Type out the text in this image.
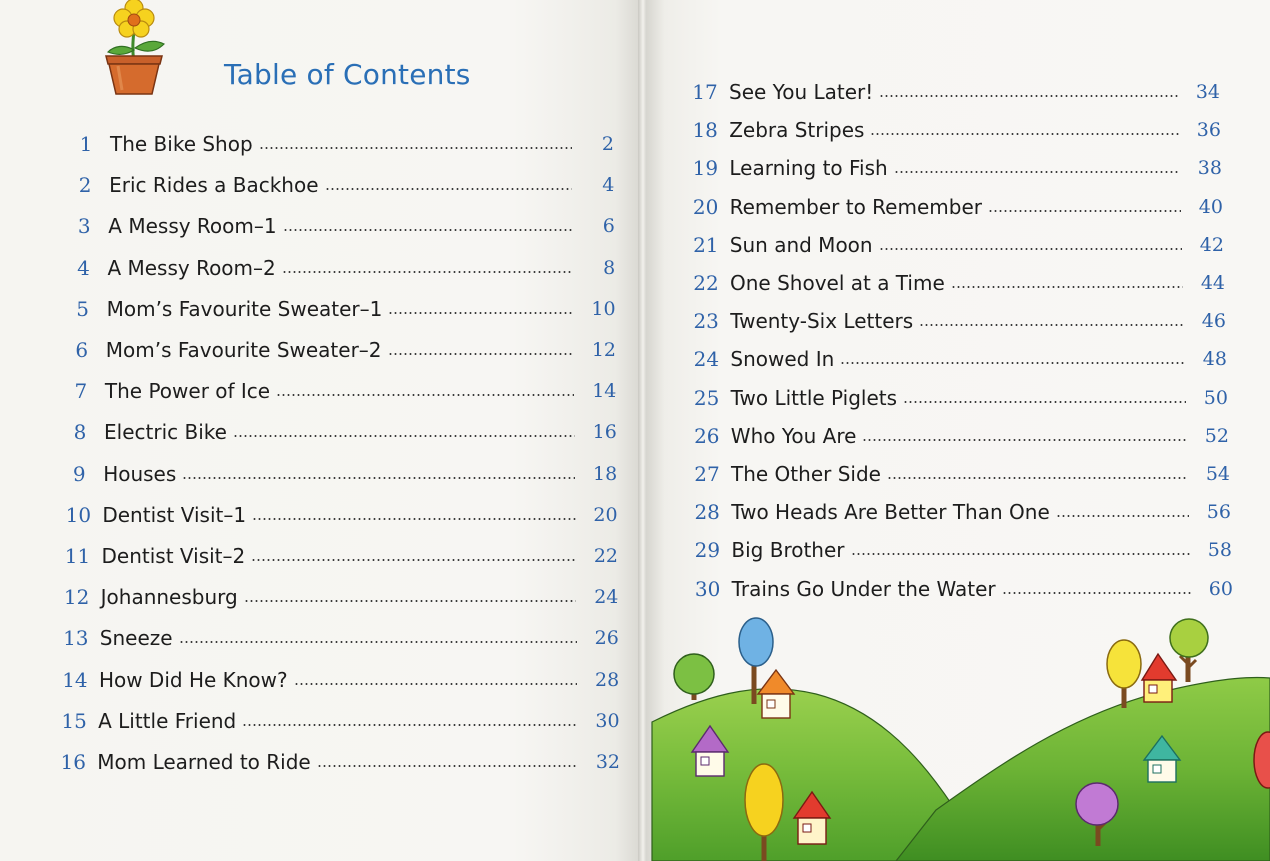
Table of Contents
1 The Bike Shop	2
2 Eric Rides a Backhoe	4
3 A Messy Room–1	6
4 A Messy Room–2	8
5 Mom’s Favourite Sweater–1	10
6 Mom’s Favourite Sweater–2	12
7 The Power of Ice	14
8 Electric Bike	16
9 Houses	18
10 Dentist Visit–1	20
11 Dentist Visit–2	22
12 Johannesburg	24
13 Sneeze	26
14 How Did He Know?	28
15 A Little Friend	30
16 Mom Learned to Ride	32
17 See You Later!	34
18 Zebra Stripes	36
19 Learning to Fish	38
20 Remember to Remember	40
21 Sun and Moon	42
22 One Shovel at a Time	44
23 Twenty-Six Letters	46
24 Snowed In	48
25 Two Little Piglets	50
26 Who You Are	52
27 The Other Side	54
28 Two Heads Are Better Than One	56
29 Big Brother	58
30 Trains Go Under the Water	60
